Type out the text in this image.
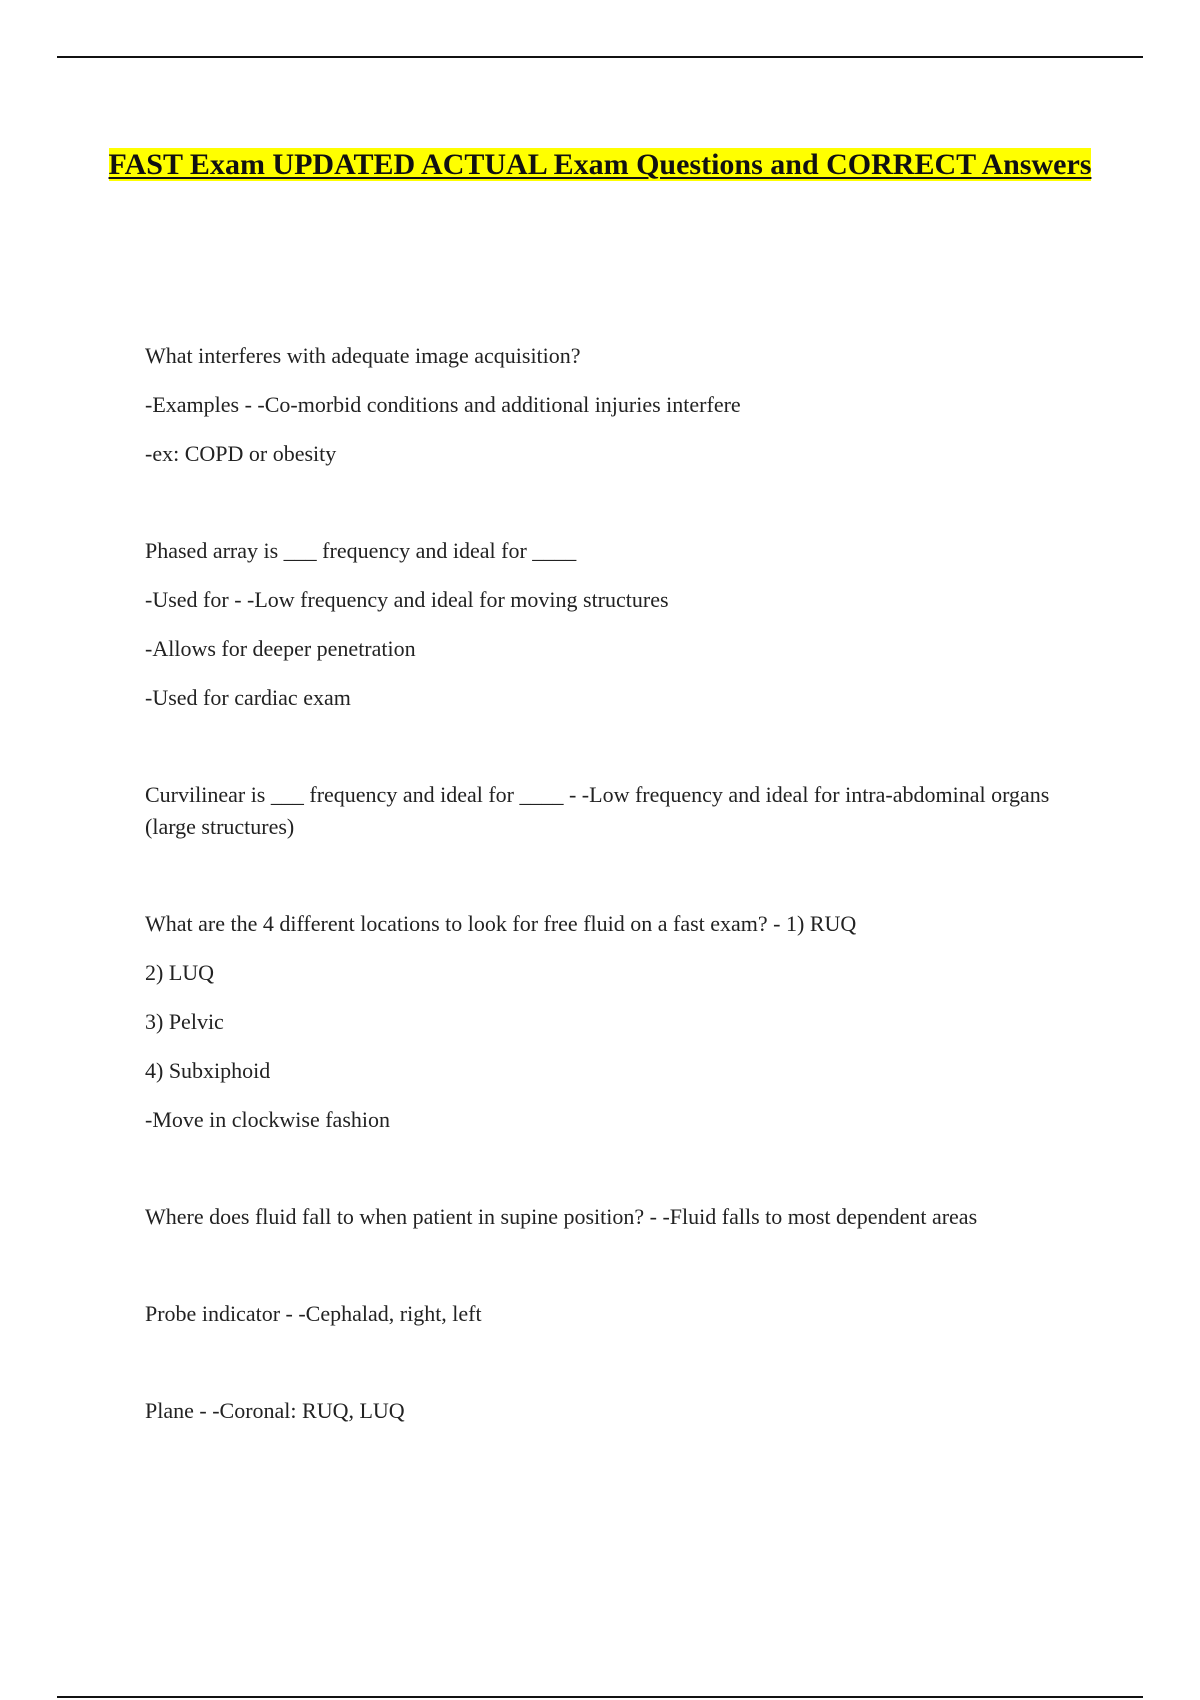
FAST Exam UPDATED ACTUAL Exam Questions and CORRECT Answers

What interferes with adequate image acquisition?

-Examples - -Co-morbid conditions and additional injuries interfere

-ex: COPD or obesity

Phased array is ___ frequency and ideal for ____

-Used for - -Low frequency and ideal for moving structures

-Allows for deeper penetration

-Used for cardiac exam

Curvilinear is ___ frequency and ideal for ____ - -Low frequency and ideal for intra-abdominal organs (large structures)

What are the 4 different locations to look for free fluid on a fast exam? - 1) RUQ

2) LUQ

3) Pelvic

4) Subxiphoid

-Move in clockwise fashion

Where does fluid fall to when patient in supine position? - -Fluid falls to most dependent areas

Probe indicator - -Cephalad, right, left

Plane - -Coronal: RUQ, LUQ
